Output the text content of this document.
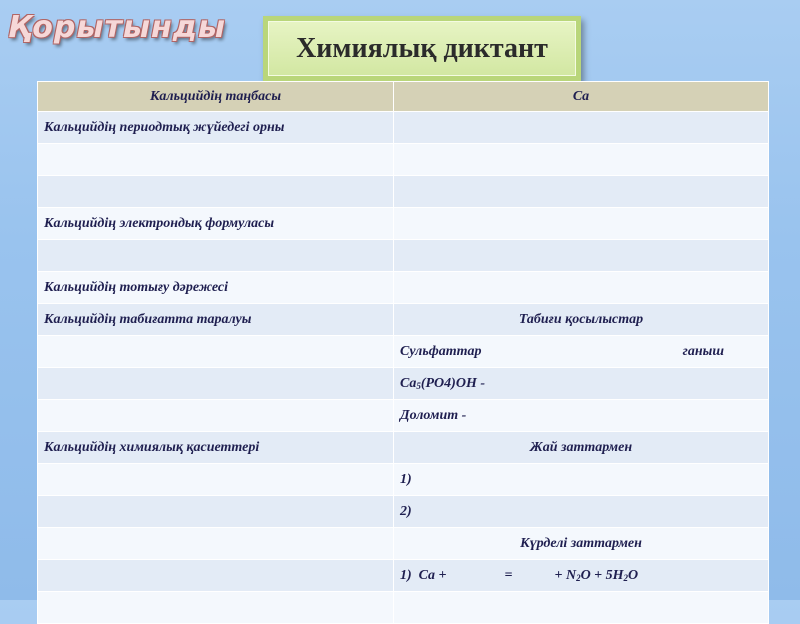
Қорытынды
Химиялық диктант
Кальцийдің таңбасы	Ca
Кальцийдің периодтық жүйедегі орны	

Кальцийдің электрондық формуласы	

Кальцийдің тотығу дәрежесі	
Кальцийдің табиғатта таралуы	Табиғи қосылыстар

	Сульфаттар ганыш

	$Ca_5(PO4)OH$ -
	Доломит -
Кальцийдің химиялық қасиеттері	Жай заттармен
	1)
	2)
	Күрделі заттармен
	1)  Ca + = + $N_2O + 5H_2O$
